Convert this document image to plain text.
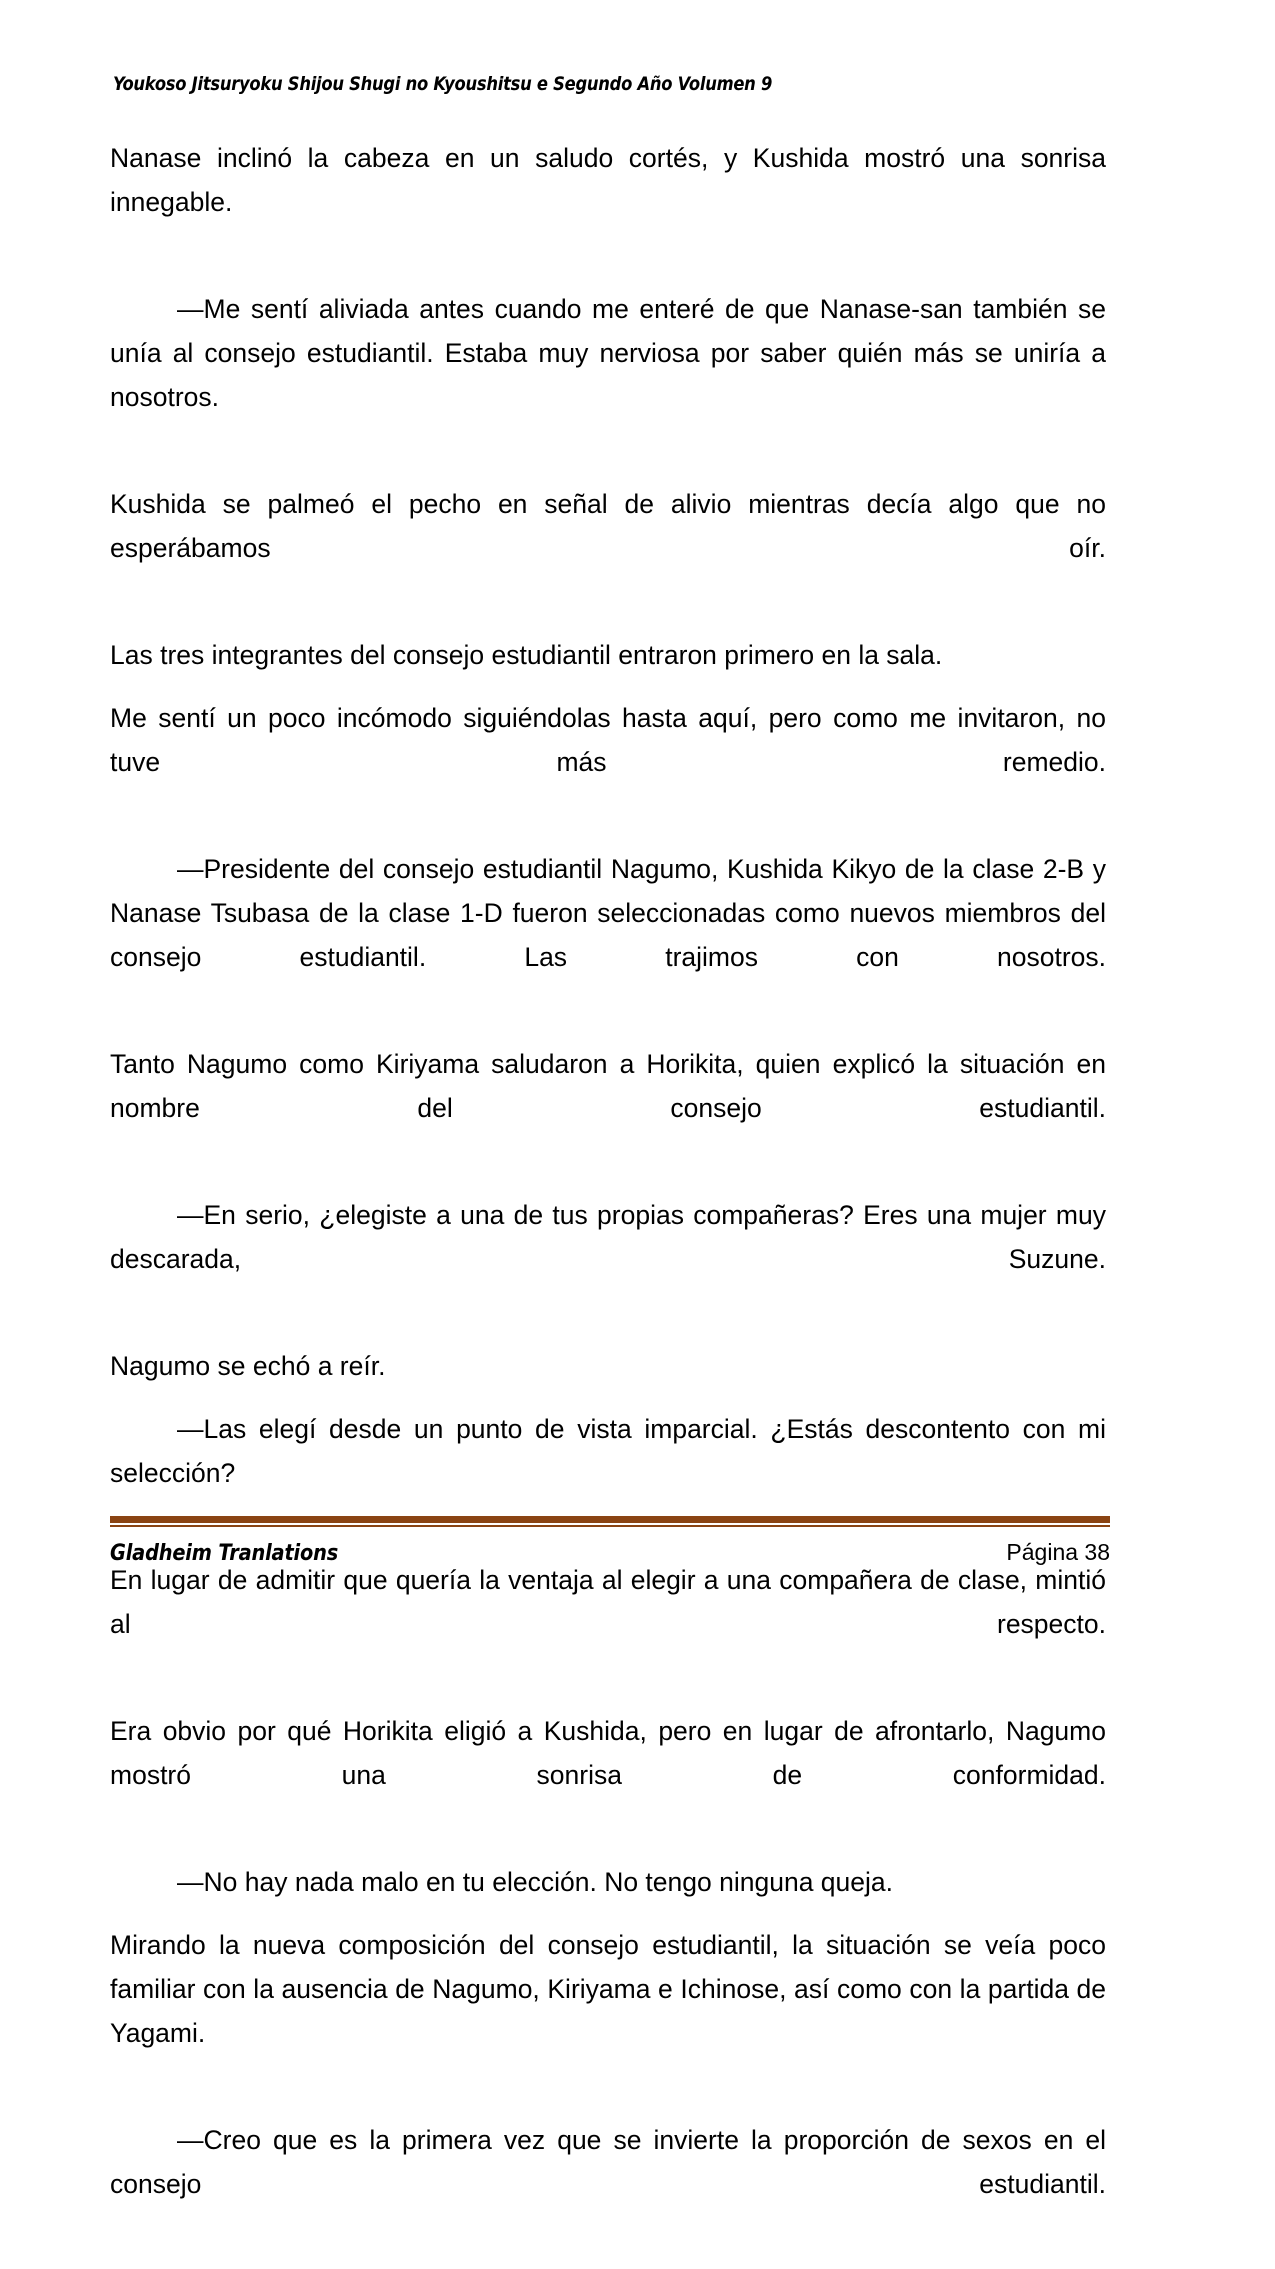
Youkoso Jitsuryoku Shijou Shugi no Kyoushitsu e Segundo Año Volumen 9

Nanase inclinó la cabeza en un saludo cortés, y Kushida mostró una sonrisa innegable.

—Me sentí aliviada antes cuando me enteré de que Nanase-san también se unía al consejo estudiantil. Estaba muy nerviosa por saber quién más se uniría a nosotros.

Kushida se palmeó el pecho en señal de alivio mientras decía algo que no esperábamos oír.

Las tres integrantes del consejo estudiantil entraron primero en la sala.

Me sentí un poco incómodo siguiéndolas hasta aquí, pero como me invitaron, no tuve más remedio.

—Presidente del consejo estudiantil Nagumo, Kushida Kikyo de la clase 2-B y Nanase Tsubasa de la clase 1-D fueron seleccionadas como nuevos miembros del consejo estudiantil. Las trajimos con nosotros.

Tanto Nagumo como Kiriyama saludaron a Horikita, quien explicó la situación en nombre del consejo estudiantil.

—En serio, ¿elegiste a una de tus propias compañeras? Eres una mujer muy descarada, Suzune.

Nagumo se echó a reír.

—Las elegí desde un punto de vista imparcial. ¿Estás descontento con mi selección?

En lugar de admitir que quería la ventaja al elegir a una compañera de clase, mintió al respecto.

Era obvio por qué Horikita eligió a Kushida, pero en lugar de afrontarlo, Nagumo mostró una sonrisa de conformidad.

—No hay nada malo en tu elección. No tengo ninguna queja.

Mirando la nueva composición del consejo estudiantil, la situación se veía poco familiar con la ausencia de Nagumo, Kiriyama e Ichinose, así como con la partida de Yagami.

—Creo que es la primera vez que se invierte la proporción de sexos en el consejo estudiantil.

Gladheim Tranlations	Página 38
